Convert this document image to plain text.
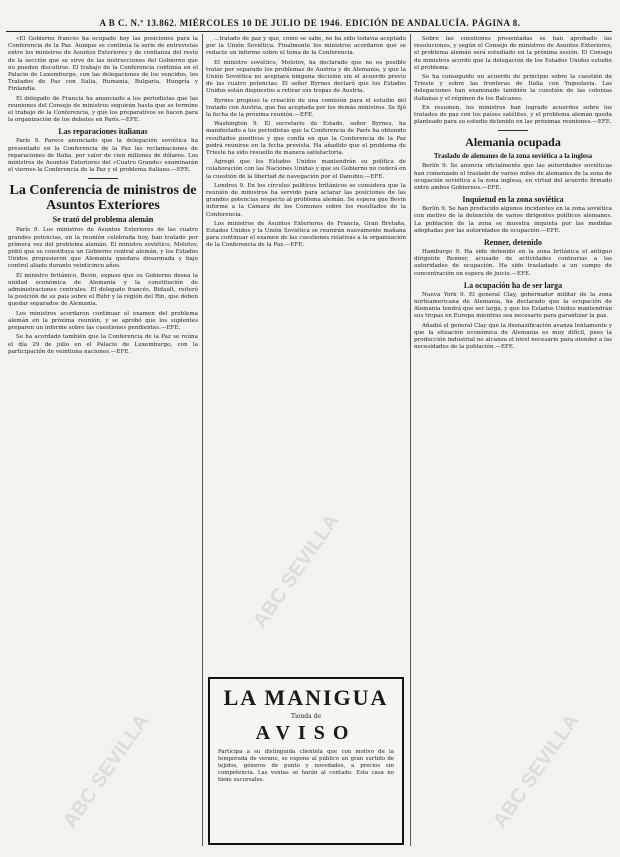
A B C. N.º 13.862. MIÉRCOLES 10 DE JULIO DE 1946. EDICIÓN DE ANDALUCÍA. PÁGINA 8.

«El Gobierno francés ha ocupado hoy las posiciones para la Conferencia de la Paz. Aunque se continúa la serie de entrevistas entre los ministros de Asuntos Exteriores y de confianza del resto de la sección que se sirve de las instrucciones del Gobierno que no pueden discutirse. El trabajo de la Conferencia continúa en el Palacio de Luxemburgo, con las delegaciones de los vencidos, los Tratados de Paz con Italia, Rumania, Bulgaria, Hungría y Finlandia.

El delegado de Francia ha anunciado a los periodistas que las reuniones del Consejo de ministros seguirán hasta que se termine el trabajo de la Conferencia, y que los preparativos se hacen para la organización de los debates en París.—EFE.

Las reparaciones italianas

París 9. Parece anunciado que la delegación soviética ha presentado en la Conferencia de la Paz las reclamaciones de reparaciones de Italia, por valor de cien millones de dólares. Los ministros de Asuntos Exteriores del «Cuatro Grande» examinarán el viernes la Conferencia de la Paz y el problema italiano.—EFE.

La Conferencia de ministros de Asuntos Exteriores
Se trató del problema alemán

París 9. Los ministros de Asuntos Exteriores de las cuatro grandes potencias, en la reunión celebrada hoy, han tratado por primera vez del problema alemán. El ministro soviético, Molotov, pidió que se constituya un Gobierno central alemán, y los Estados Unidos propusieron que Alemania quedara desarmada y bajo control aliado durante veinticinco años.

El ministro británico, Bevin, expuso que su Gobierno desea la unidad económica de Alemania y la constitución de administraciones centrales. El delegado francés, Bidault, reiteró la posición de su país sobre el Ruhr y la región del Rin, que deben quedar separados de Alemania.

Los ministros acordaron continuar el examen del problema alemán en la próxima reunión, y se aprobó que los suplentes preparen un informe sobre las cuestiones pendientes.—EFE.

Se ha acordado también que la Conferencia de la Paz se reúna el día 29 de julio en el Palacio de Luxemburgo, con la participación de veintiuna naciones.—EFE.

...tratado de paz y que, como se sabe, no ha sido todavía aceptado por la Unión Soviética. Finalmente los ministros acordaron que se redacte un informe sobre el tema de la Conferencia.

El ministro soviético, Molotov, ha declarado que no es posible tratar por separado los problemas de Austria y de Alemania, y que la Unión Soviética no aceptará ninguna decisión sin el acuerdo previo de las cuatro potencias. El señor Byrnes declaró que los Estados Unidos están dispuestos a retirar sus tropas de Austria.

Byrnes propuso la creación de una comisión para el estudio del tratado con Austria, que fue aceptada por los demás ministros. Se fijó la fecha de la próxima reunión.—EFE.

Washington 9. El secretario de Estado, señor Byrnes, ha manifestado a los periodistas que la Conferencia de París ha obtenido resultados positivos y que confía en que la Conferencia de la Paz podrá reunirse en la fecha prevista. Ha añadido que el problema de Trieste ha sido resuelto de manera satisfactoria.

Agregó que los Estados Unidos mantendrán su política de colaboración con las Naciones Unidas y que su Gobierno no cederá en la cuestión de la libertad de navegación por el Danubio.—EFE.

Londres 9. En los círculos políticos británicos se considera que la reunión de ministros ha servido para aclarar las posiciones de las grandes potencias respecto al problema alemán. Se espera que Bevin informe a la Cámara de los Comunes sobre los resultados de la Conferencia.

Los ministros de Asuntos Exteriores de Francia, Gran Bretaña, Estados Unidos y la Unión Soviética se reunirán nuevamente mañana para continuar el examen de las cuestiones relativas a la organización de la Conferencia de la Paz.—EFE.

LA MANIGUA
Tienda de
AVISO

Participa a su distinguida clientela que con motivo de la temporada de verano, se expone al público un gran surtido de tejidos, géneros de punto y novedades, a precios sin competencia. Las ventas se harán al contado. Esta casa no tiene sucursales.

Sobre las cuestiones presentadas se han aprobado las resoluciones, y según el Consejo de ministros de Asuntos Exteriores, el problema alemán será estudiado en la próxima sesión. El Consejo de ministros acordó que la delegación de los Estados Unidos estudie el problema.

Se ha conseguido un acuerdo de principio sobre la cuestión de Trieste y sobre las fronteras de Italia con Yugoslavia. Las delegaciones han examinado también la cuestión de las colonias italianas y el régimen de los Balcanes.

En resumen, los ministros han logrado acuerdos sobre los tratados de paz con los países satélites, y el problema alemán queda planteado para su estudio detenido en las próximas reuniones.—EFE.

Alemania ocupada
Traslado de alemanes de la zona soviética a la inglesa

Berlín 9. Se anuncia oficialmente que las autoridades soviéticas han comenzado el traslado de varios miles de alemanes de la zona de ocupación soviética a la zona inglesa, en virtud del acuerdo firmado entre ambos Gobiernos.—EFE.

Inquietud en la zona soviética

Berlín 9. Se han producido algunos incidentes en la zona soviética con motivo de la detención de varios dirigentes políticos alemanes. La población de la zona se muestra inquieta por las medidas adoptadas por las autoridades de ocupación.—EFE.

Renner, detenido

Hamburgo 9. Ha sido detenido en la zona británica el antiguo dirigente Renner, acusado de actividades contrarias a las autoridades de ocupación. Ha sido trasladado a un campo de concentración en espera de juicio.—EFE.

La ocupación ha de ser larga

Nueva York 9. El general Clay, gobernador militar de la zona norteamericana de Alemania, ha declarado que la ocupación de Alemania tendrá que ser larga, y que los Estados Unidos mantendrán sus tropas en Europa mientras sea necesario para garantizar la paz.

Añadió el general Clay que la desnazificación avanza lentamente y que la situación económica de Alemania es muy difícil, pues la producción industrial no alcanza el nivel necesario para atender a las necesidades de la población.—EFE.

ABC SEVILLA
ABC SEVILLA
ABC SEVILLA
